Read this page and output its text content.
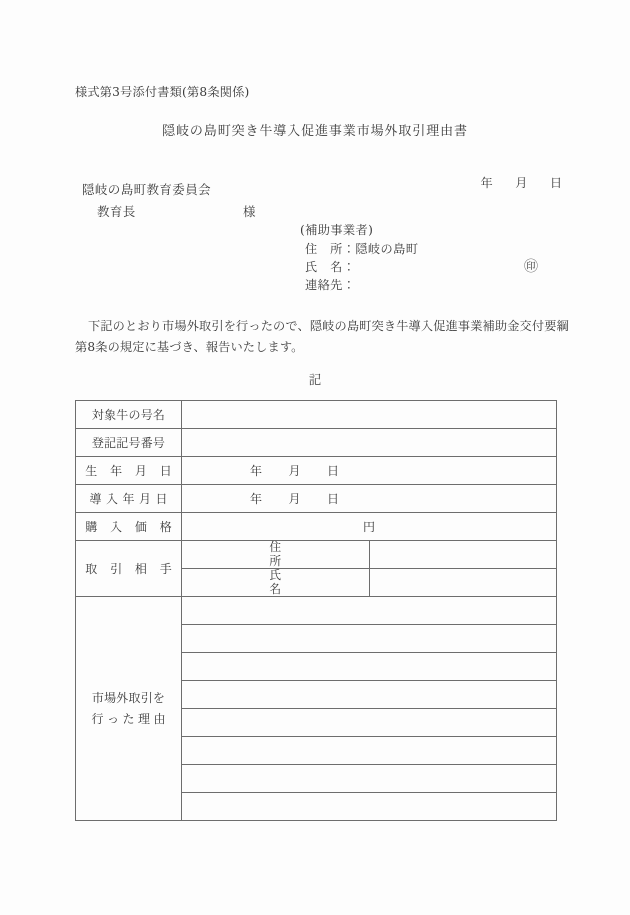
様式第3号添付書類(第8条関係)
隠岐の島町突き牛導入促進事業市場外取引理由書

年 月 日

隠岐の島町教育委員会
教育長	様
(補助事業者)
住　所：隠岐の島町
氏　名：
連絡先：
㊞
下記のとおり市場外取引を行ったので、隠岐の島町突き牛導入促進事業補助金交付要綱
第8条の規定に基づき、報告いたします。
記
対象牛の号名		
登記記号番号		
生 年 月 日	年 月 日	

導入年月日	年 月 日	

購 入 価 格	円	
取 引 相 手	住
所	

	氏
名	

市場外取引を
行った理由		
